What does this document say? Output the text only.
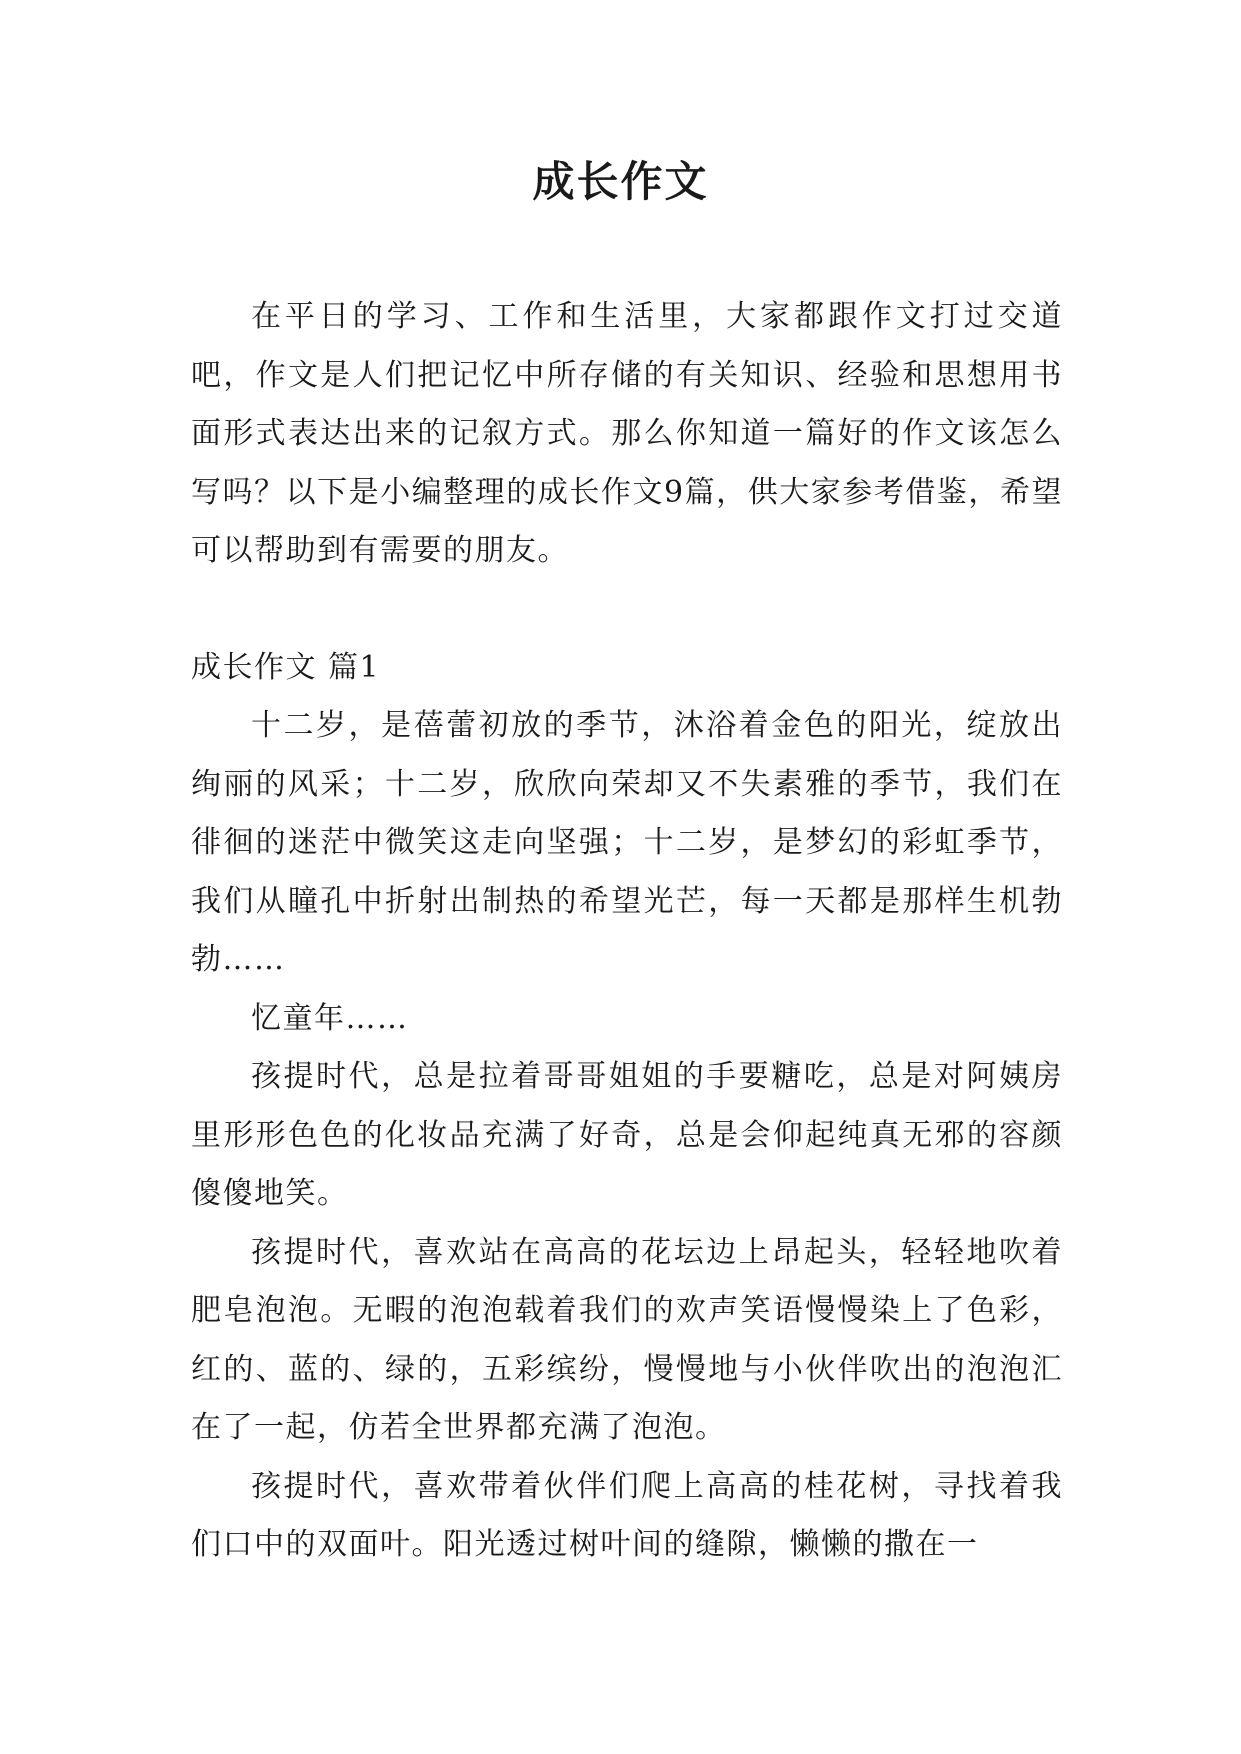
成长作文

在平日的学习、工作和生活里，大家都跟作文打过交道吧，作文是人们把记忆中所存储的有关知识、经验和思想用书面形式表达出来的记叙方式。那么你知道一篇好的作文该怎么写吗？以下是小编整理的成长作文9篇，供大家参考借鉴，希望可以帮助到有需要的朋友。

成长作文 篇1

十二岁，是蓓蕾初放的季节，沐浴着金色的阳光，绽放出绚丽的风采；十二岁，欣欣向荣却又不失素雅的季节，我们在徘徊的迷茫中微笑这走向坚强；十二岁，是梦幻的彩虹季节，我们从瞳孔中折射出制热的希望光芒，每一天都是那样生机勃勃……

忆童年……

孩提时代，总是拉着哥哥姐姐的手要糖吃，总是对阿姨房里形形色色的化妆品充满了好奇，总是会仰起纯真无邪的容颜傻傻地笑。

孩提时代，喜欢站在高高的花坛边上昂起头，轻轻地吹着肥皂泡泡。无暇的泡泡载着我们的欢声笑语慢慢染上了色彩，红的、蓝的、绿的，五彩缤纷，慢慢地与小伙伴吹出的泡泡汇在了一起，仿若全世界都充满了泡泡。

孩提时代，喜欢带着伙伴们爬上高高的桂花树，寻找着我们口中的双面叶。阳光透过树叶间的缝隙，懒懒的撒在一
